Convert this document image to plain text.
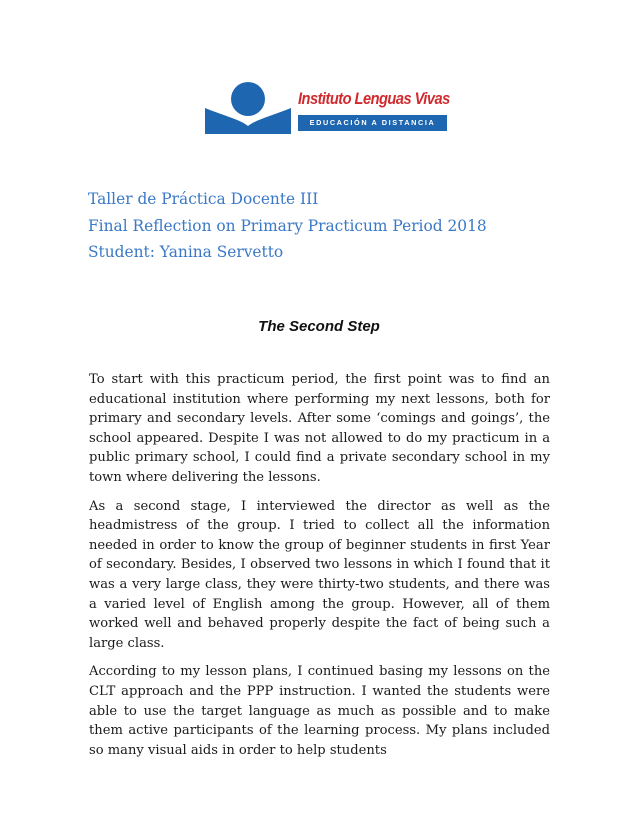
Instituto Lenguas Vivas
EDUCACIÓN A DISTANCIA
Taller de Práctica Docente III
Final Reflection on Primary Practicum Period 2018
Student: Yanina Servetto
The Second Step

To start with this practicum period, the first point was to find an educational institution where performing my next lessons, both for primary and secondary levels. After some ‘comings and goings’, the school appeared. Despite I was not allowed to do my practicum in a public primary school, I could find a private secondary school in my town where delivering the lessons.

As a second stage, I interviewed the director as well as the headmistress of the group. I tried to collect all the information needed in order to know the group of beginner students in first Year of secondary. Besides, I observed two lessons in which I found that it was a very large class, they were thirty-two students, and there was a varied level of English among the group. However, all of them worked well and behaved properly despite the fact of being such a large class.

According to my lesson plans, I continued basing my lessons on the CLT approach and the PPP instruction. I wanted the students were able to use the target language as much as possible and to make them active participants of the learning process. My plans included so many visual aids in order to help students
